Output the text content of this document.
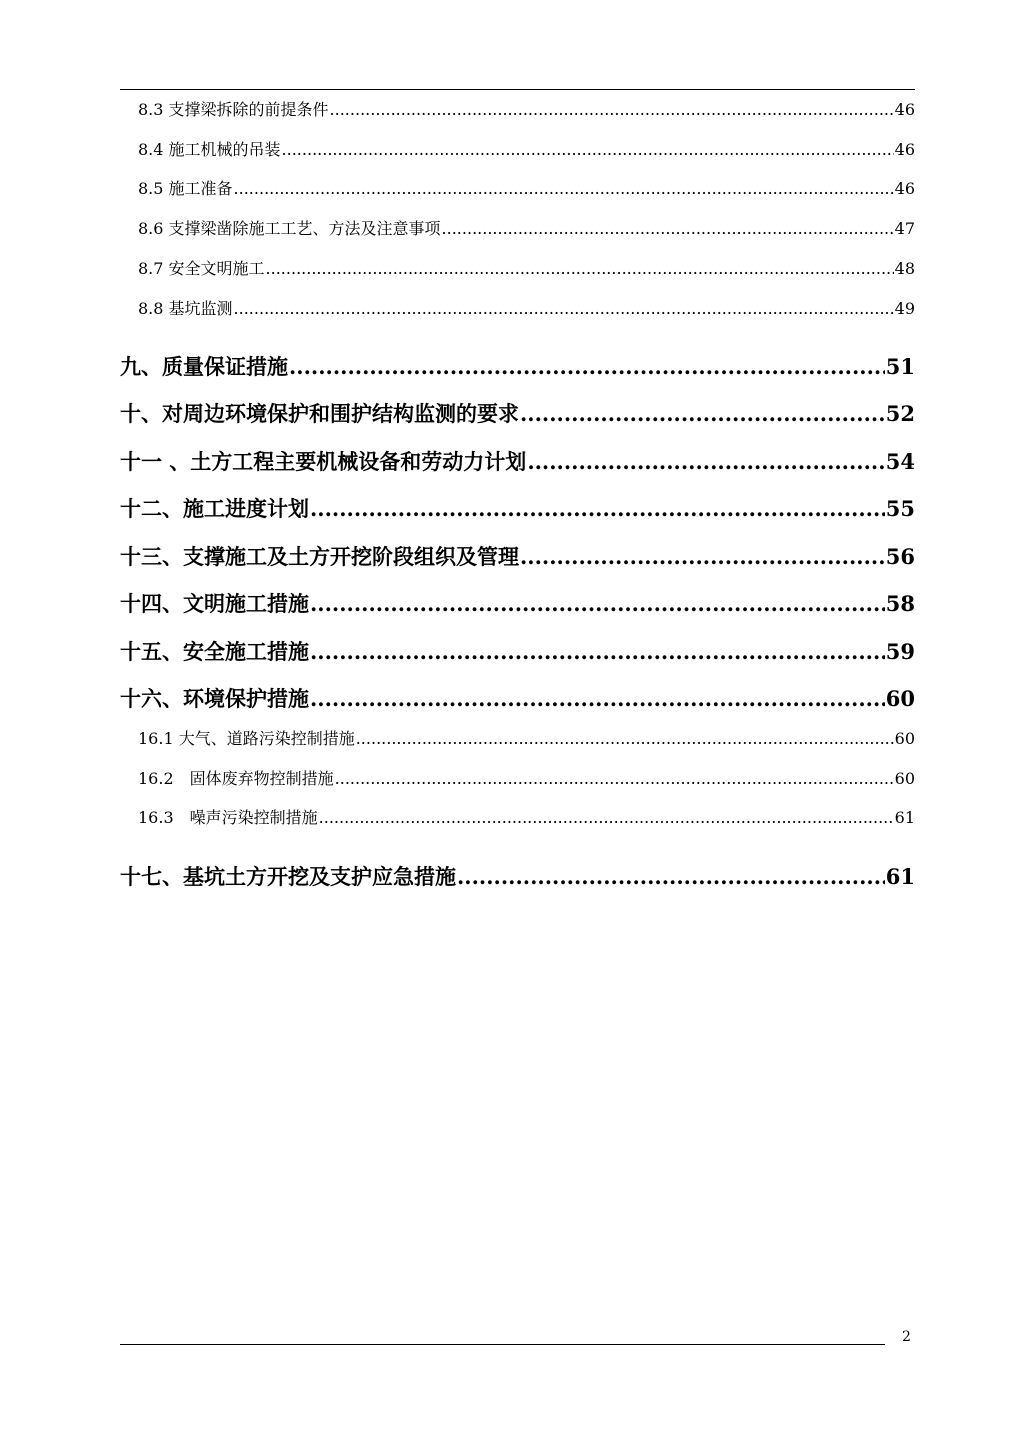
8.3 支撑梁拆除的前提条件 .....	46
8.4 施工机械的吊装 .....	46
8.5 施工准备 .....	46
8.6 支撑梁凿除施工工艺、方法及注意事项 .....	47
8.7 安全文明施工 .....	48
8.8 基坑监测 .....	49
九、质量保证措施 .....	51
十、对周边环境保护和围护结构监测的要求 .....	52
十一 、土方工程主要机械设备和劳动力计划 .....	54
十二、施工进度计划 .....	55
十三、支撑施工及土方开挖阶段组织及管理 .....	56
十四、文明施工措施 .....	58
十五、安全施工措施 .....	59
十六、环境保护措施 .....	60
16.1 大气、道路污染控制措施 .....	60
16.2　固体废弃物控制措施 .....	60
16.3　噪声污染控制措施 .....	61
十七、基坑土方开挖及支护应急措施 .....	61
2
